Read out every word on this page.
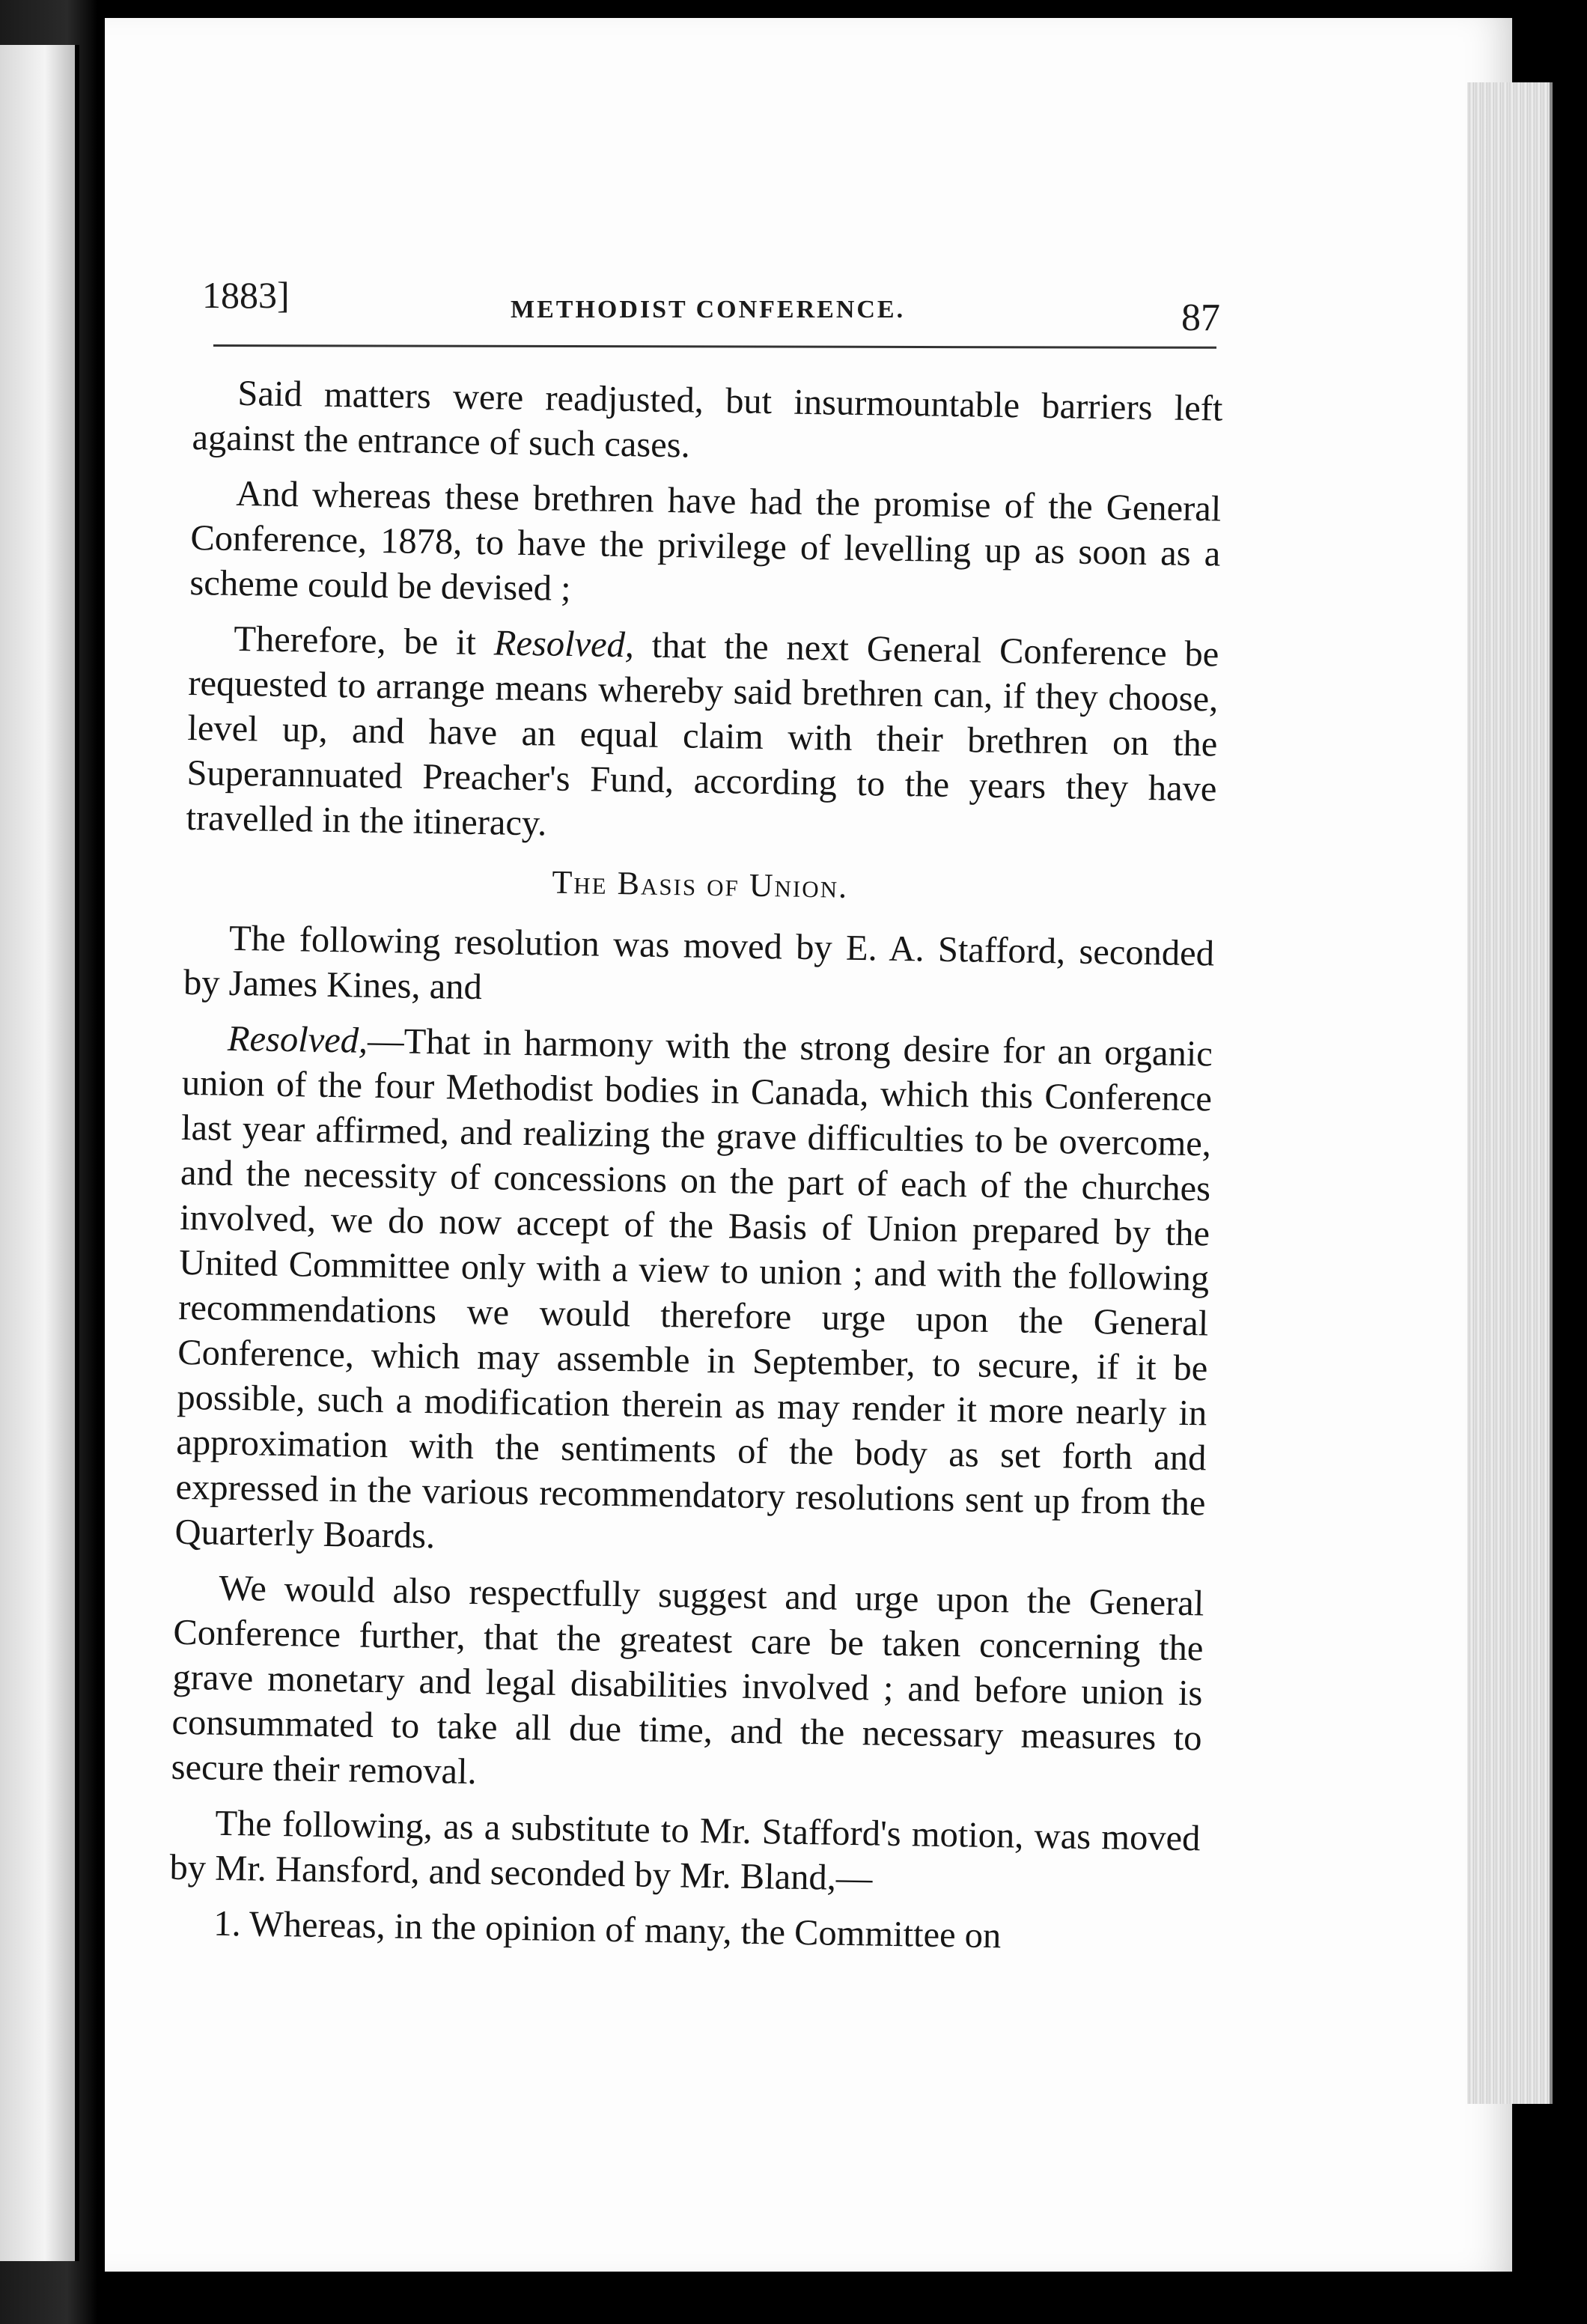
1883]	METHODIST CONFERENCE.	87

Said matters were readjusted, but insurmountable barriers left against the entrance of such cases.

And whereas these brethren have had the promise of the General Conference, 1878, to have the privilege of levelling up as soon as a scheme could be devised ;

Therefore, be it Resolved, that the next General Conference be requested to arrange means whereby said brethren can, if they choose, level up, and have an equal claim with their brethren on the Superannuated Preacher's Fund, according to the years they have travelled in the itineracy.

The Basis of Union.

The following resolution was moved by E. A. Stafford, seconded by James Kines, and

Resolved,—That in harmony with the strong desire for an organic union of the four Methodist bodies in Canada, which this Conference last year affirmed, and realizing the grave difficulties to be overcome, and the necessity of concessions on the part of each of the churches involved, we do now accept of the Basis of Union prepared by the United Committee only with a view to union ; and with the following recommendations we would therefore urge upon the General Conference, which may assemble in September, to secure, if it be possible, such a modification therein as may render it more nearly in approximation with the sentiments of the body as set forth and expressed in the various recommendatory resolutions sent up from the Quarterly Boards.

We would also respectfully suggest and urge upon the General Conference further, that the greatest care be taken concerning the grave monetary and legal disabilities involved ; and before union is consummated to take all due time, and the necessary measures to secure their removal.

The following, as a substitute to Mr. Stafford's motion, was moved by Mr. Hansford, and seconded by Mr. Bland,—

1. Whereas, in the opinion of many, the Committee on
